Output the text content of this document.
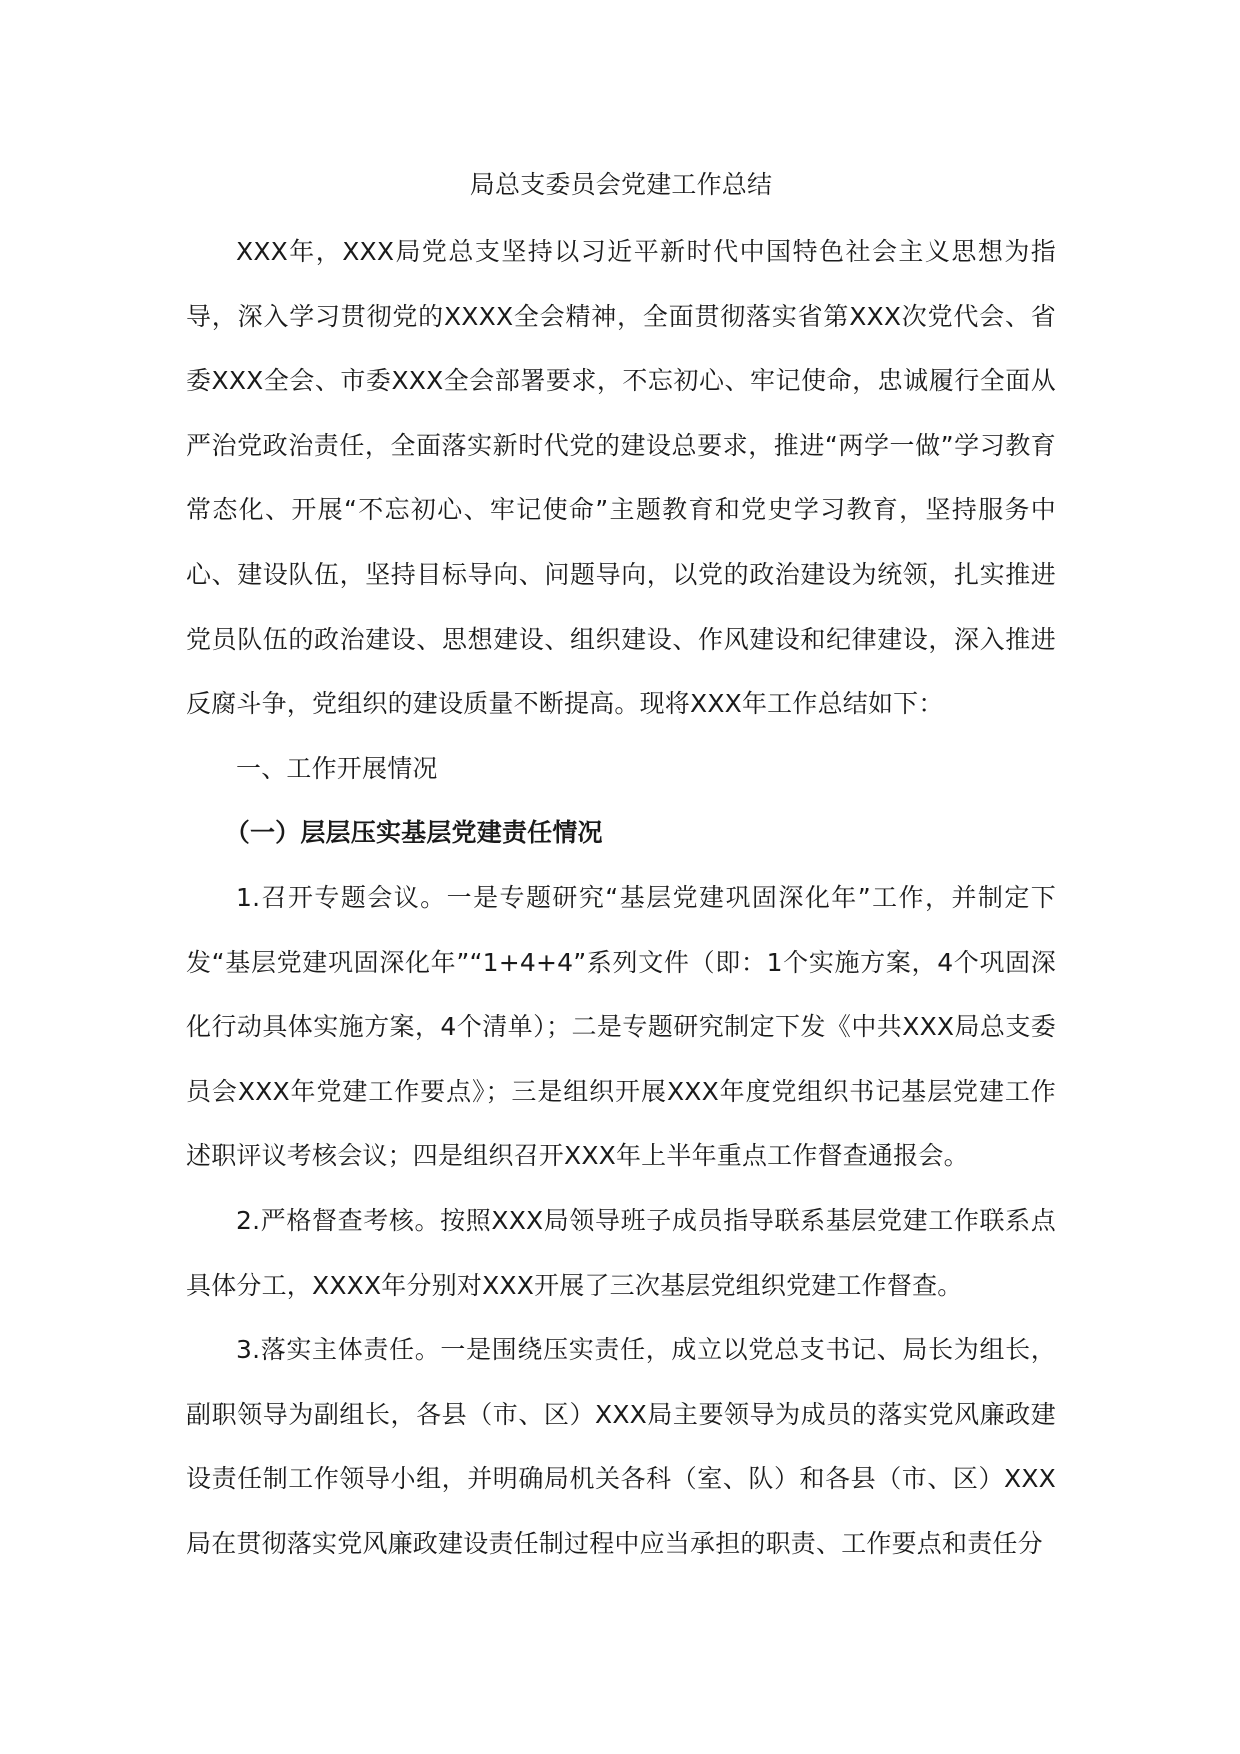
局总支委员会党建工作总结

XXX年，XXX局党总支坚持以习近平新时代中国特色社会主义思想为指导，深入学习贯彻党的XXXX全会精神，全面贯彻落实省第XXX次党代会、省委XXX全会、市委XXX全会部署要求，不忘初心、牢记使命，忠诚履行全面从严治党政治责任，全面落实新时代党的建设总要求，推进“两学一做”学习教育常态化、开展“不忘初心、牢记使命”主题教育和党史学习教育，坚持服务中心、建设队伍，坚持目标导向、问题导向，以党的政治建设为统领，扎实推进党员队伍的政治建设、思想建设、组织建设、作风建设和纪律建设，深入推进反腐斗争，党组织的建设质量不断提高。现将XXX年工作总结如下：

一、工作开展情况
（一）层层压实基层党建责任情况

1.召开专题会议。一是专题研究“基层党建巩固深化年”工作，并制定下发“基层党建巩固深化年”“1+4+4”系列文件（即：1个实施方案，4个巩固深化行动具体实施方案，4个清单）；二是专题研究制定下发《中共XXX局总支委员会XXX年党建工作要点》；三是组织开展XXX年度党组织书记基层党建工作述职评议考核会议；四是组织召开XXX年上半年重点工作督查通报会。

2.严格督查考核。按照XXX局领导班子成员指导联系基层党建工作联系点具体分工，XXXX年分别对XXX开展了三次基层党组织党建工作督查。

3.落实主体责任。一是围绕压实责任，成立以党总支书记、局长为组长，副职领导为副组长，各县（市、区）XXX局主要领导为成员的落实党风廉政建设责任制工作领导小组，并明确局机关各科（室、队）和各县（市、区）XXX局在贯彻落实党风廉政建设责任制过程中应当承担的职责、工作要点和责任分
